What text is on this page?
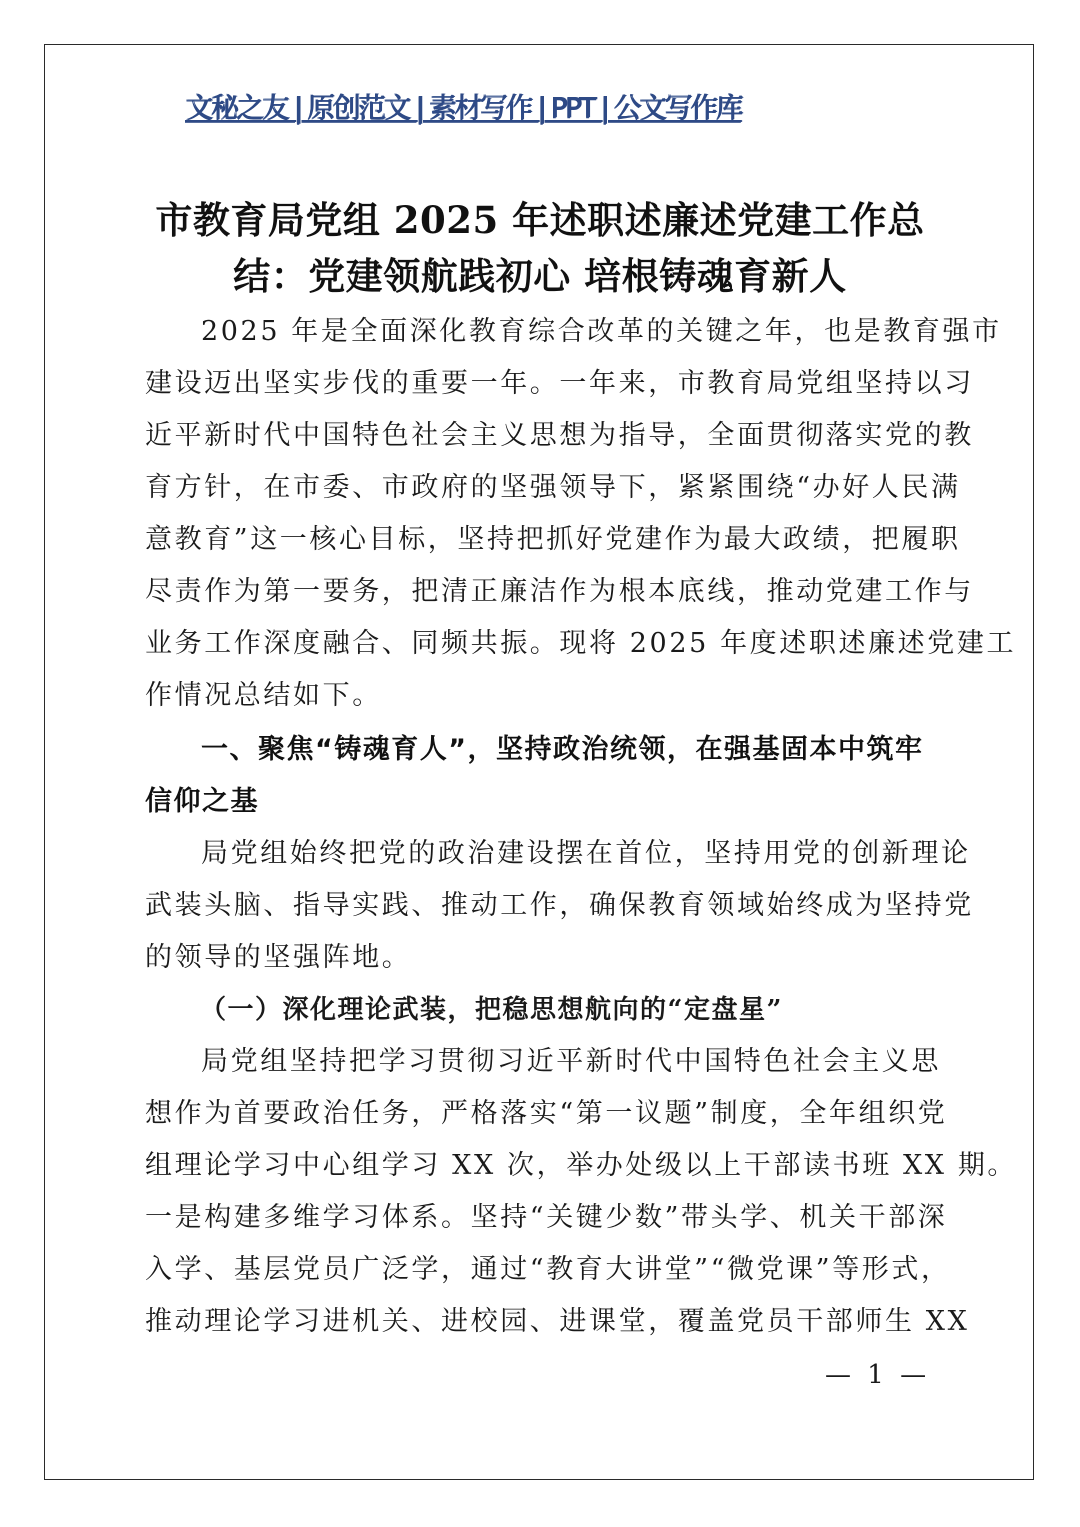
文秘之友 | 原创范文 | 素材写作 | PPT | 公文写作库
市教育局党组 2025 年述职述廉述党建工作总
结：党建领航践初心 培根铸魂育新人
2025 年是全面深化教育综合改革的关键之年，也是教育强市
建设迈出坚实步伐的重要一年。一年来，市教育局党组坚持以习
近平新时代中国特色社会主义思想为指导，全面贯彻落实党的教
育方针，在市委、市政府的坚强领导下，紧紧围绕“办好人民满
意教育”这一核心目标，坚持把抓好党建作为最大政绩，把履职
尽责作为第一要务，把清正廉洁作为根本底线，推动党建工作与
业务工作深度融合、同频共振。现将 2025 年度述职述廉述党建工
作情况总结如下。
一、聚焦“铸魂育人”，坚持政治统领，在强基固本中筑牢
信仰之基
局党组始终把党的政治建设摆在首位，坚持用党的创新理论
武装头脑、指导实践、推动工作，确保教育领域始终成为坚持党
的领导的坚强阵地。
（一）深化理论武装，把稳思想航向的“定盘星”
局党组坚持把学习贯彻习近平新时代中国特色社会主义思
想作为首要政治任务，严格落实“第一议题”制度，全年组织党
组理论学习中心组学习 XX 次，举办处级以上干部读书班 XX 期。
一是构建多维学习体系。坚持“关键少数”带头学、机关干部深
入学、基层党员广泛学，通过“教育大讲堂”“微党课”等形式，
推动理论学习进机关、进校园、进课堂，覆盖党员干部师生 XX
— 1 —
